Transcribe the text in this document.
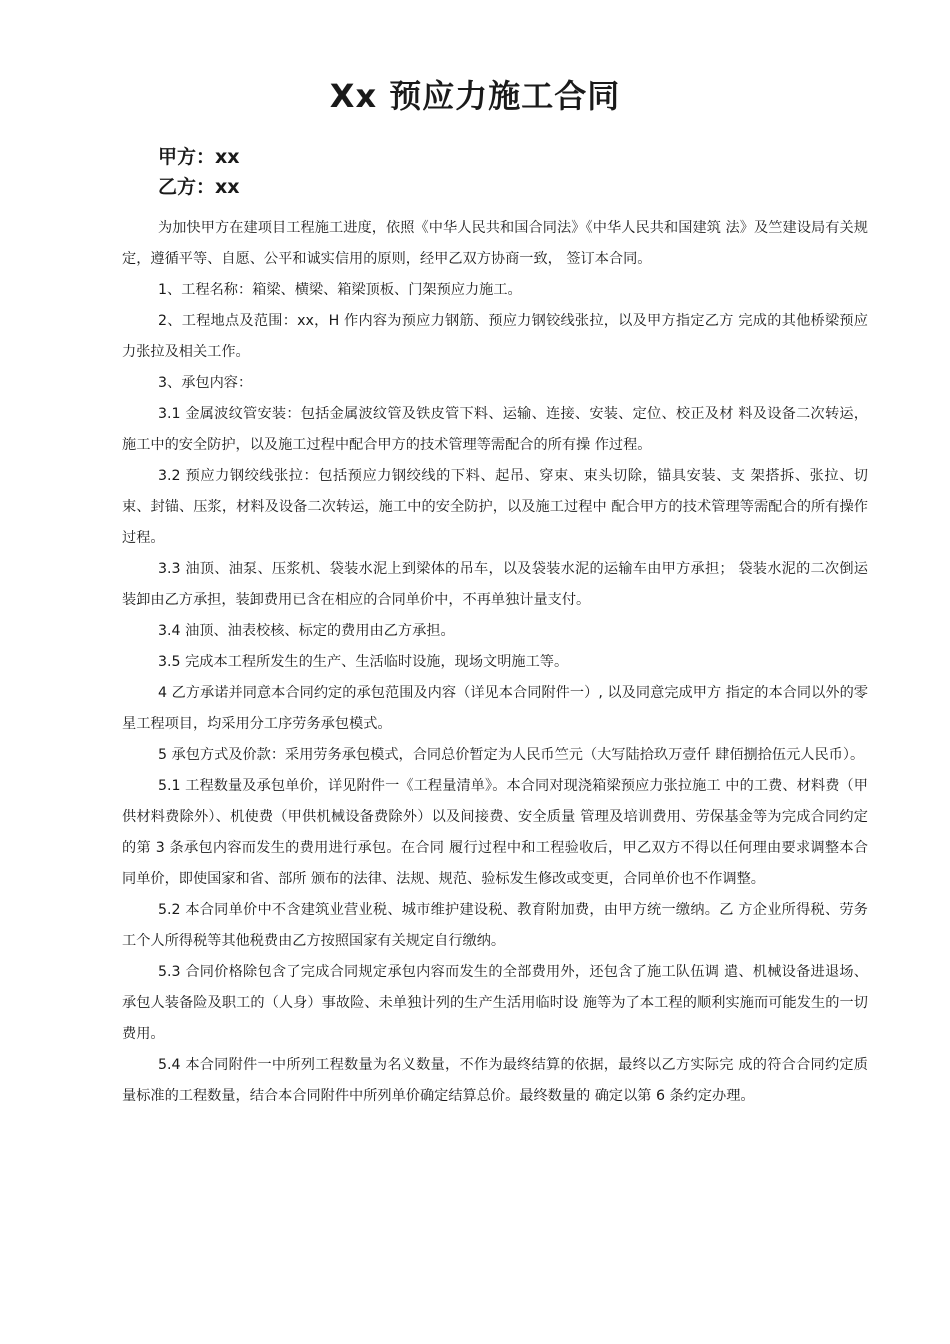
Xx 预应力施工合同
甲方：xx
乙方：xx

为加快甲方在建项目工程施工进度，依照《中华人民共和国合同法》《中华人民共和国建筑 法》及竺建设局有关规定，遵循平等、自愿、公平和诚实信用的原则，经甲乙双方协商一致， 签订本合同。

1、工程名称：箱梁、横梁、箱梁顶板、门架预应力施工。

2、工程地点及范围：xx，H 作内容为预应力钢筋、预应力钢铰线张拉，以及甲方指定乙方 完成的其他桥梁预应力张拉及相关工作。

3、承包内容：

3.1 金属波纹管安装：包括金属波纹管及铁皮管下料、运输、连接、安装、定位、校正及材 料及设备二次转运，施工中的安全防护，以及施工过程中配合甲方的技术管理等需配合的所有操 作过程。

3.2 预应力钢绞线张拉：包括预应力钢绞线的下料、起吊、穿束、束头切除，锚具安装、支 架搭拆、张拉、切束、封锚、压浆，材料及设备二次转运，施工中的安全防护，以及施工过程中 配合甲方的技术管理等需配合的所有操作过程。

3.3 油顶、油泵、压浆机、袋装水泥上到梁体的吊车，以及袋装水泥的运输车由甲方承担； 袋装水泥的二次倒运装卸由乙方承担，装卸费用已含在相应的合同单价中，不再单独计量支付。

3.4 油顶、油表校核、标定的费用由乙方承担。

3.5 完成本工程所发生的生产、生活临时设施，现场文明施工等。

4 乙方承诺并同意本合同约定的承包范围及内容（详见本合同附件一）, 以及同意完成甲方 指定的本合同以外的零星工程项目，均采用分工序劳务承包模式。

5 承包方式及价款：采用劳务承包模式，合同总价暂定为人民币竺元（大写陆拾玖万壹仟 肆佰捌拾伍元人民币）。

5.1 工程数量及承包单价，详见附件一《工程量清单》。本合同对现浇箱梁预应力张拉施工 中的工费、材料费（甲供材料费除外）、机使费（甲供机械设备费除外）以及间接费、安全质量 管理及培训费用、劳保基金等为完成合同约定的第 3 条承包内容而发生的费用进行承包。在合同 履行过程中和工程验收后，甲乙双方不得以任何理由要求调整本合同单价，即使国家和省、部所 颁布的法律、法规、规范、验标发生修改或变更，合同单价也不作调整。

5.2 本合同单价中不含建筑业营业税、城市维护建设税、教育附加费，由甲方统一缴纳。乙 方企业所得税、劳务工个人所得税等其他税费由乙方按照国家有关规定自行缴纳。

5.3 合同价格除包含了完成合同规定承包内容而发生的全部费用外，还包含了施工队伍调 遣、机械设备进退场、承包人装备险及职工的（人身）事故险、未单独计列的生产生活用临时设 施等为了本工程的顺利实施而可能发生的一切费用。

5.4 本合同附件一中所列工程数量为名义数量，不作为最终结算的依据，最终以乙方实际完 成的符合合同约定质量标准的工程数量，结合本合同附件中所列单价确定结算总价。最终数量的 确定以第 6 条约定办理。
